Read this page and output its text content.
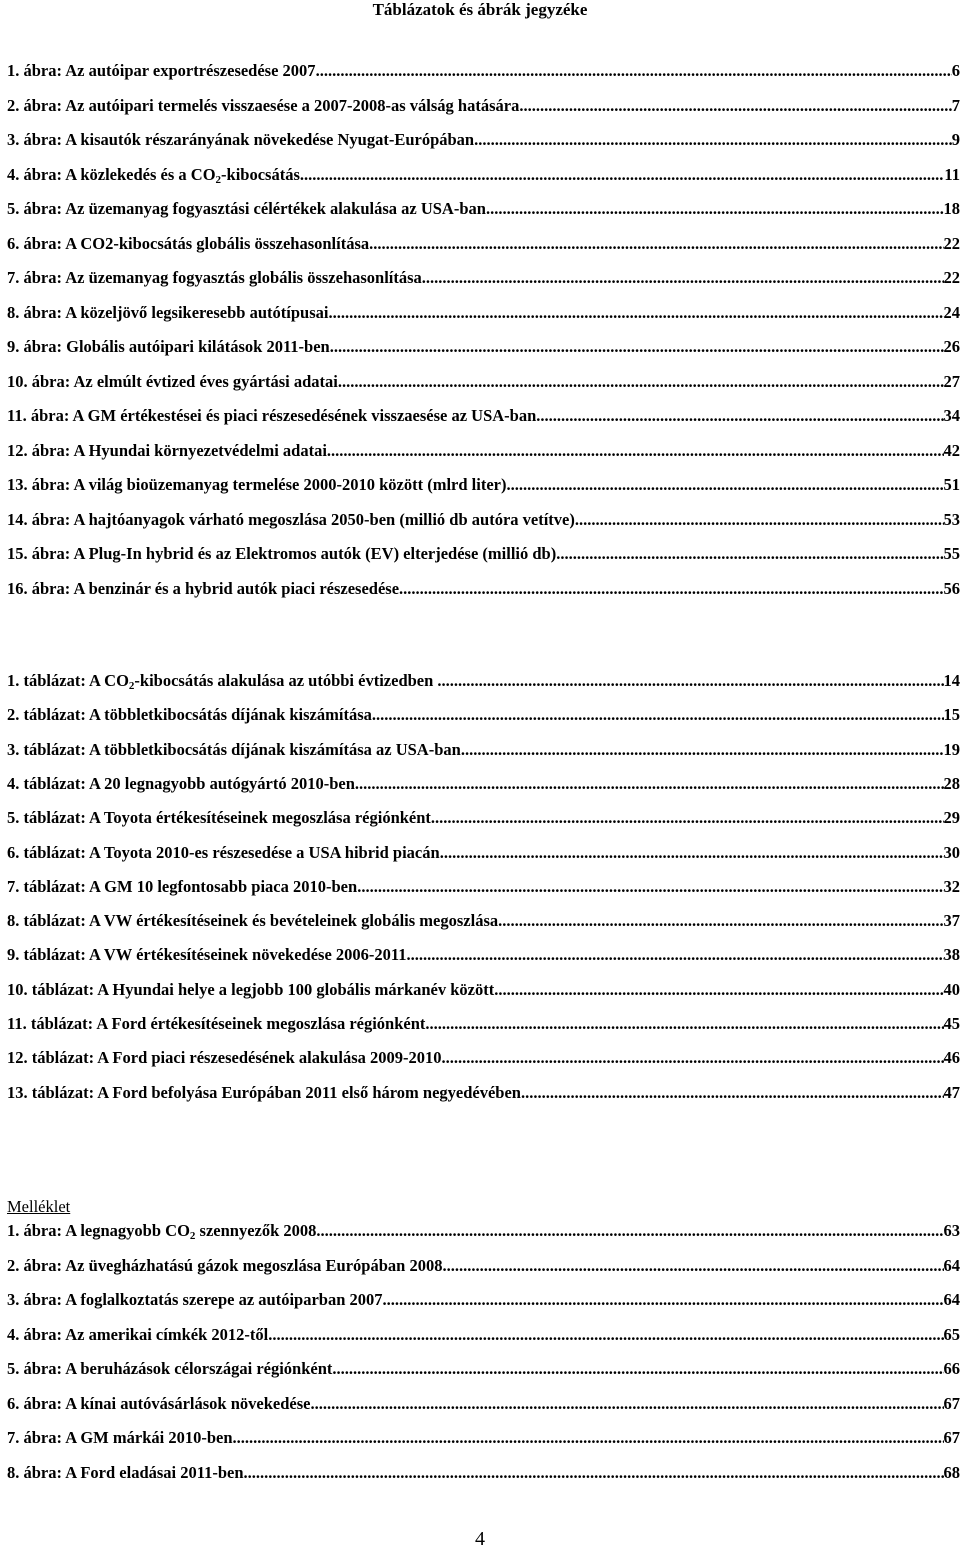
Táblázatok és ábrák jegyzéke
1. ábra: Az autóipar exportrészesedése 2007 .....	6
2. ábra: Az autóipari termelés visszaesése a 2007-2008-as válság hatására .....	7
3. ábra: A kisautók részarányának növekedése Nyugat-Európában .....	9
4. ábra: A közlekedés és a $CO_2$-kibocsátás .....	11
5. ábra: Az üzemanyag fogyasztási célértékek alakulása az USA-ban .....	18
6. ábra: A CO2-kibocsátás globális összehasonlítása .....	22
7. ábra: Az üzemanyag fogyasztás globális összehasonlítása .....	22
8. ábra: A közeljövő legsikeresebb autótípusai .....	24
9. ábra: Globális autóipari kilátások 2011-ben .....	26
10. ábra: Az elmúlt évtized éves gyártási adatai .....	27
11. ábra: A GM értékestései és piaci részesedésének visszaesése az USA-ban .....	34
12. ábra: A Hyundai környezetvédelmi adatai .....	42
13. ábra: A világ bioüzemanyag termelése 2000-2010 között (mlrd liter) .....	51
14. ábra: A hajtóanyagok várható megoszlása 2050-ben (millió db autóra vetítve) .....	53
15. ábra: A Plug-In hybrid és az Elektromos autók (EV) elterjedése (millió db) .....	55
16. ábra: A benzinár és a hybrid autók piaci részesedése .....	56
1. táblázat: A $CO_2$-kibocsátás alakulása az utóbbi évtizedben .....	14
2. táblázat: A többletkibocsátás díjának kiszámítása .....	15
3. táblázat: A többletkibocsátás díjának kiszámítása az USA-ban .....	19
4. táblázat: A 20 legnagyobb autógyártó 2010-ben .....	28
5. táblázat: A Toyota értékesítéseinek megoszlása régiónként .....	29
6. táblázat: A Toyota 2010-es részesedése a USA hibrid piacán .....	30
7. táblázat: A GM 10 legfontosabb piaca 2010-ben .....	32
8. táblázat: A VW értékesítéseinek és bevételeinek globális megoszlása .....	37
9. táblázat: A VW értékesítéseinek növekedése 2006-2011 .....	38
10. táblázat: A Hyundai helye a legjobb 100 globális márkanév között .....	40
11. táblázat: A Ford értékesítéseinek megoszlása régiónként .....	45
12. táblázat: A Ford piaci részesedésének alakulása 2009-2010 .....	46
13. táblázat: A Ford befolyása Európában 2011 első három negyedévében .....	47
Melléklet
1. ábra: A legnagyobb $CO_2$ szennyezők 2008 .....	63
2. ábra: Az üvegházhatású gázok megoszlása Európában 2008 .....	64
3. ábra: A foglalkoztatás szerepe az autóiparban 2007 .....	64
4. ábra: Az amerikai címkék 2012-től .....	65
5. ábra: A beruházások célországai régiónként .....	66
6. ábra: A kínai autóvásárlások növekedése .....	67
7. ábra: A GM márkái 2010-ben .....	67
8. ábra: A Ford eladásai 2011-ben .....	68
4
